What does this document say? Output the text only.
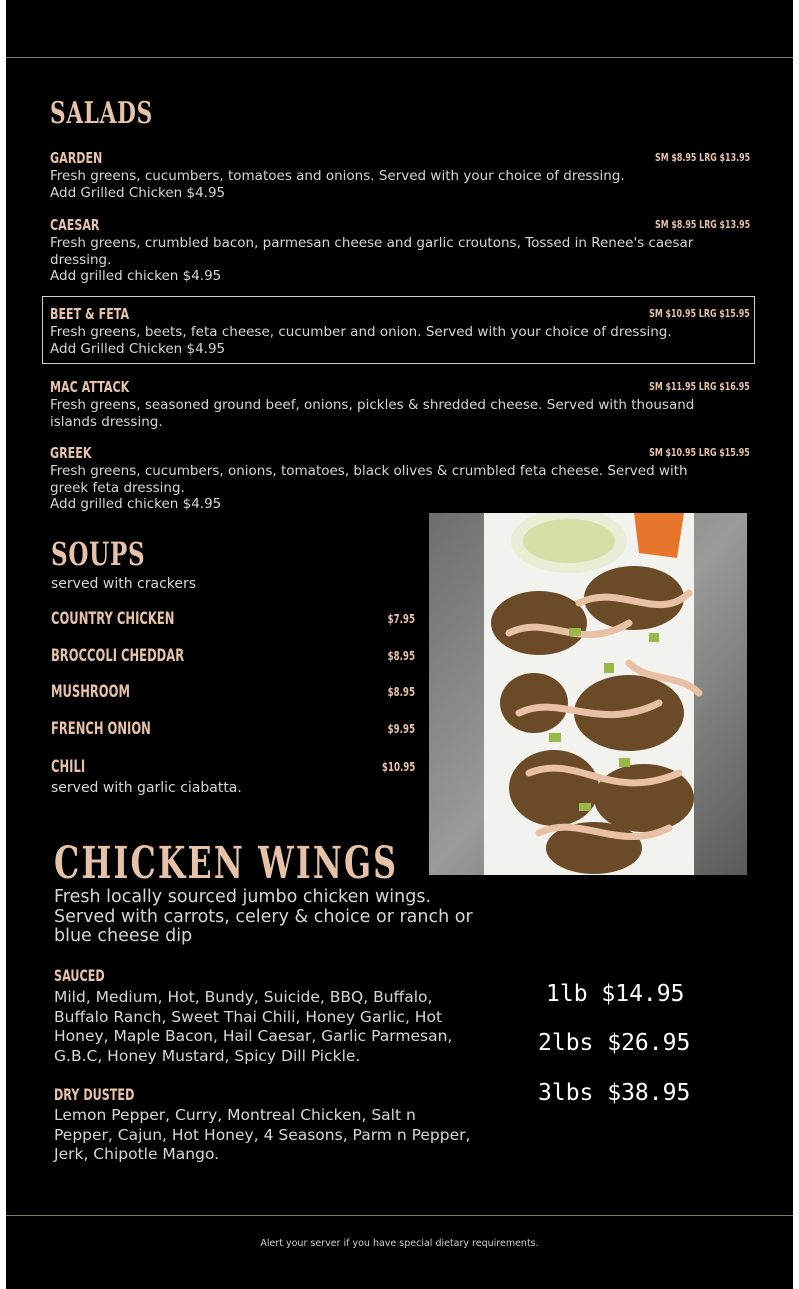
SALADS
GARDEN	SM $8.95 LRG $13.95
Fresh greens, cucumbers, tomatoes and onions. Served with your choice of dressing.
Add Grilled Chicken $4.95
CAESAR	SM $8.95 LRG $13.95
Fresh greens, crumbled bacon, parmesan cheese and garlic croutons, Tossed in Renee's caesar
dressing.
Add grilled chicken $4.95
BEET & FETA	SM $10.95 LRG $15.95
Fresh greens, beets, feta cheese, cucumber and onion. Served with your choice of dressing.
Add Grilled Chicken $4.95
MAC ATTACK	SM $11.95 LRG $16.95
Fresh greens, seasoned ground beef, onions, pickles & shredded cheese. Served with thousand
islands dressing.
GREEK	SM $10.95 LRG $15.95
Fresh greens, cucumbers, onions, tomatoes, black olives & crumbled feta cheese. Served with
greek feta dressing.
Add grilled chicken $4.95
SOUPS
served with crackers
COUNTRY CHICKEN	$7.95
BROCCOLI CHEDDAR	$8.95
MUSHROOM	$8.95
FRENCH ONION	$9.95
CHILI	$10.95
served with garlic ciabatta.
CHICKEN WINGS
Fresh locally sourced jumbo chicken wings.
Served with carrots, celery & choice or ranch or
blue cheese dip
SAUCED
Mild, Medium, Hot, Bundy, Suicide, BBQ, Buffalo,
Buffalo Ranch, Sweet Thai Chili, Honey Garlic, Hot
Honey, Maple Bacon, Hail Caesar, Garlic Parmesan,
G.B.C, Honey Mustard, Spicy Dill Pickle.
DRY DUSTED
Lemon Pepper, Curry, Montreal Chicken, Salt n
Pepper, Cajun, Hot Honey, 4 Seasons, Parm n Pepper,
Jerk, Chipotle Mango.
1lb $14.95
2lbs $26.95
3lbs $38.95
Alert your server if you have special dietary requirements.
